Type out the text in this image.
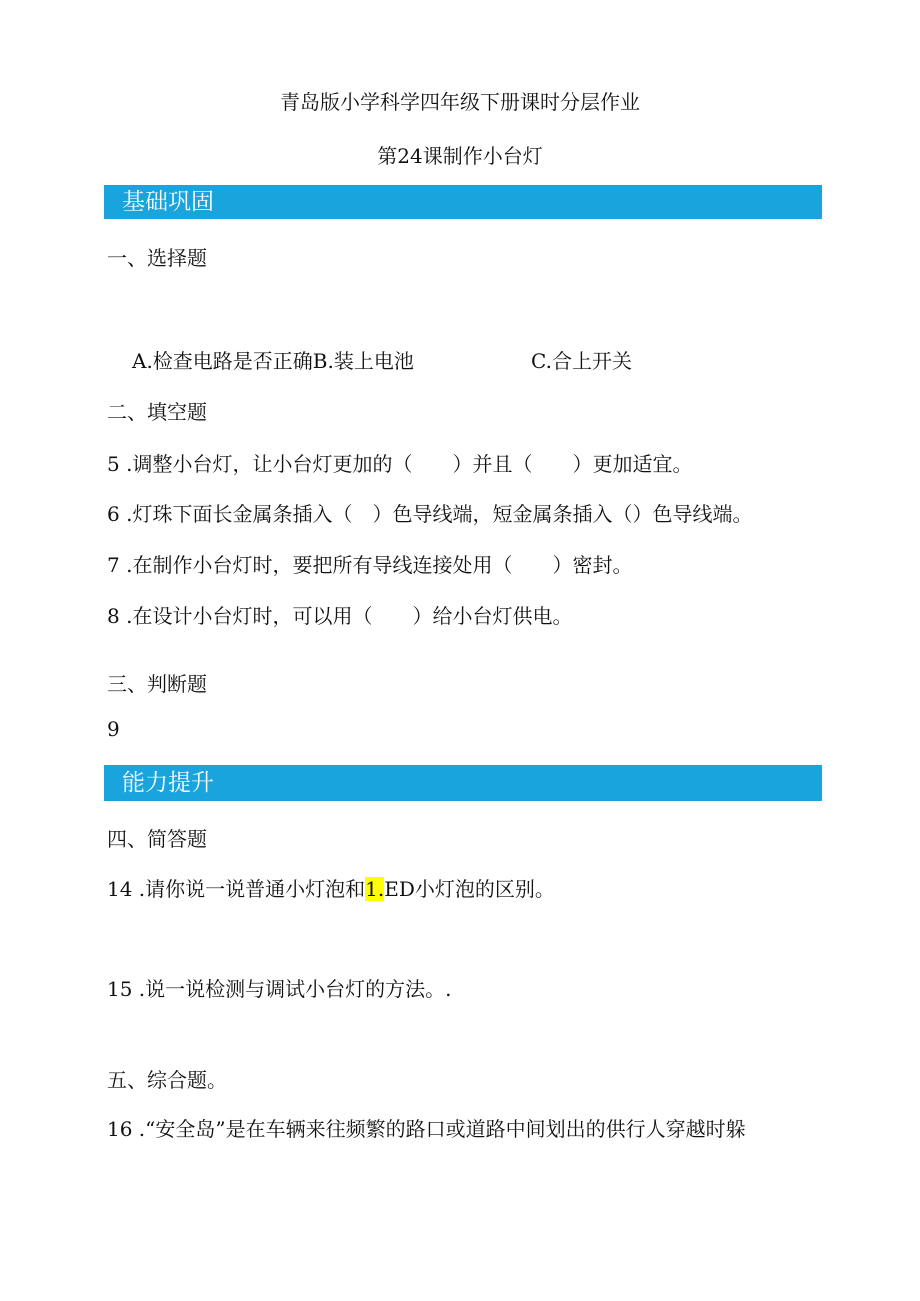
青岛版小学科学四年级下册课时分层作业
第24课制作小台灯
基础巩固
一、选择题
A.检查电路是否正确B.装上电池	C.合上开关
二、填空题
5 .调整小台灯，让小台灯更加的（　　）并且（　　）更加适宜。
6 .灯珠下面长金属条插入（　）色导线端，短金属条插入（）色导线端。
7 .在制作小台灯时，要把所有导线连接处用（　　）密封。
8 .在设计小台灯时，可以用（　　）给小台灯供电。
三、判断题
9
能力提升
四、简答题
14 .请你说一说普通小灯泡和1.ED小灯泡的区别。
15 .说一说检测与调试小台灯的方法。.
五、综合题。
16 .“安全岛”是在车辆来往频繁的路口或道路中间划出的供行人穿越时躲
